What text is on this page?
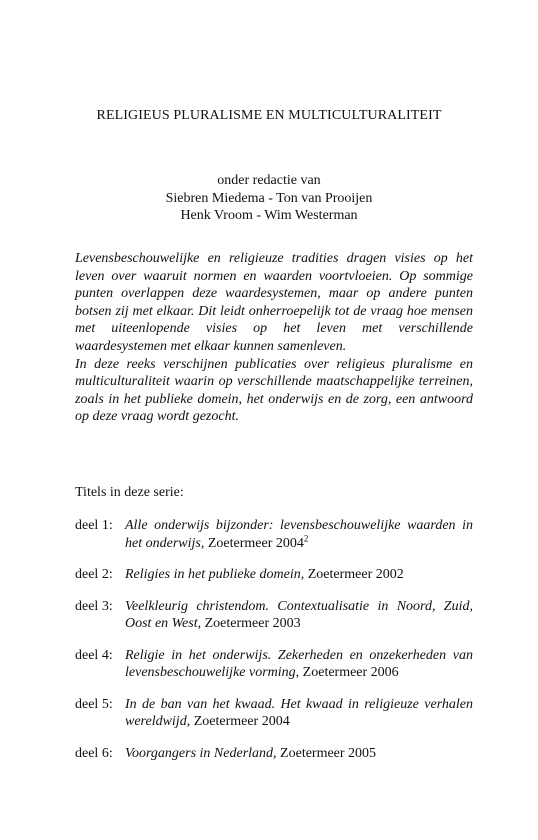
RELIGIEUS PLURALISME EN MULTICULTURALITEIT
onder redactie van
Siebren Miedema - Ton van Prooijen
Henk Vroom - Wim Westerman

Levensbeschouwelijke en religieuze tradities dragen visies op het leven over waaruit normen en waarden voortvloeien. Op sommige punten overlappen deze waardesystemen, maar op andere punten botsen zij met elkaar. Dit leidt onherroepelijk tot de vraag hoe mensen met uiteenlopende visies op het leven met verschillende waardesystemen met elkaar kunnen samenleven.

In deze reeks verschijnen publicaties over religieus pluralisme en multiculturaliteit waarin op verschillende maatschappelijke terreinen, zoals in het publieke domein, het onderwijs en de zorg, een antwoord op deze vraag wordt gezocht.

Titels in deze serie:
deel 1: Alle onderwijs bijzonder: levensbeschouwelijke waarden in het onderwijs, Zoetermeer 2004$^2$
deel 2: Religies in het publieke domein, Zoetermeer 2002
deel 3: Veelkleurig christendom. Contextualisatie in Noord, Zuid, Oost en West, Zoetermeer 2003
deel 4: Religie in het onderwijs. Zekerheden en onzekerheden van levensbeschouwelijke vorming, Zoetermeer 2006
deel 5: In de ban van het kwaad. Het kwaad in religieuze verhalen wereldwijd, Zoetermeer 2004
deel 6: Voorgangers in Nederland, Zoetermeer 2005
